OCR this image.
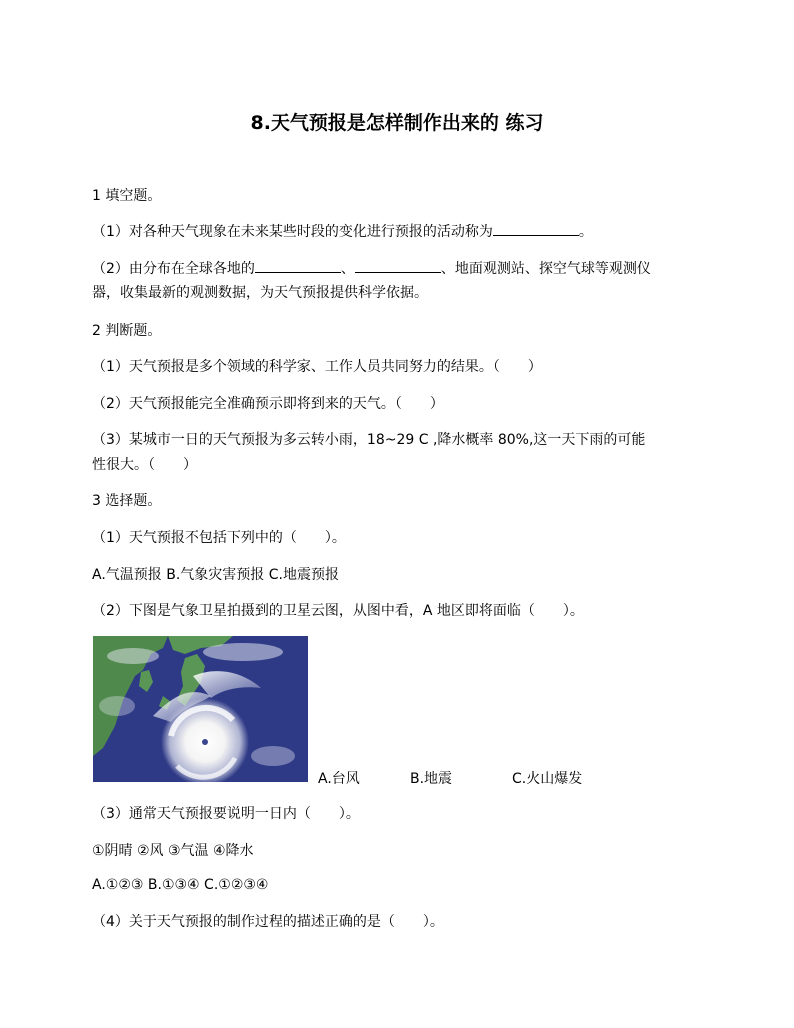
8.天气预报是怎样制作出来的 练习
1 填空题。
（1）对各种天气现象在未来某些时段的变化进行预报的活动称为	。
（2）由分布在全球各地的	、	、地面观测站、探空气球等观测仪
器，收集最新的观测数据，为天气预报提供科学依据。
2 判断题。
（1）天气预报是多个领域的科学家、工作人员共同努力的结果。（　　）
（2）天气预报能完全准确预示即将到来的天气。（　　）
（3）某城市一日的天气预报为多云转小雨，18~29 C ,降水概率 80%,这一天下雨的可能
性很大。（　　）
3 选择题。
（1）天气预报不包括下列中的（　　）。
A.气温预报 B.气象灾害预报 C.地震预报
（2）下图是气象卫星拍摄到的卫星云图，从图中看，A 地区即将面临（　　）。
A.台风	B.地震	C.火山爆发
（3）通常天气预报要说明一日内（　　）。
①阴晴 ②风 ③气温 ④降水
A.①②③ B.①③④ C.①②③④
（4）关于天气预报的制作过程的描述正确的是（　　）。
